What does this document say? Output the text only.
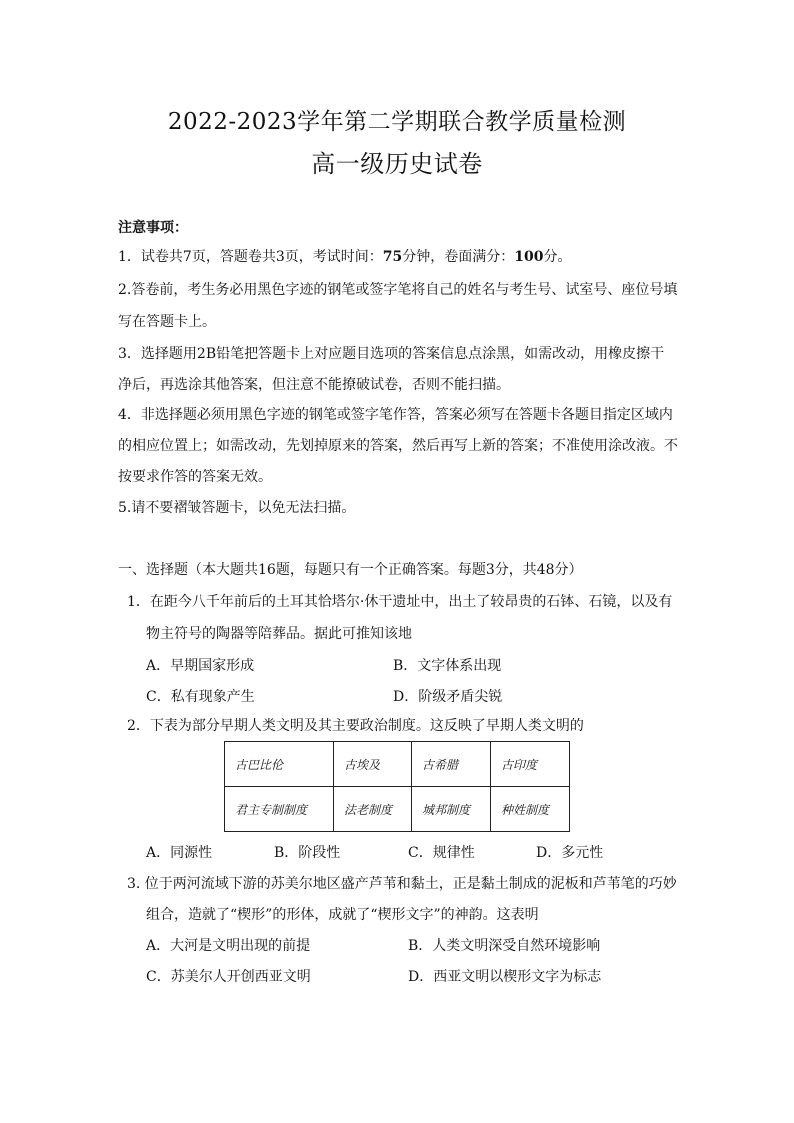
2022-2023学年第二学期联合教学质量检测
高一级历史试卷
注意事项：
1．试卷共7页，答题卷共3页，考试时间：75分钟，卷面满分：100分。
2.答卷前，考生务必用黑色字迹的钢笔或签字笔将自己的姓名与考生号、试室号、座位号填
写在答题卡上。
3．选择题用2B铅笔把答题卡上对应题目选项的答案信息点涂黑，如需改动，用橡皮擦干
净后，再选涂其他答案，但注意不能撩破试卷，否则不能扫描。
4．非选择题必须用黑色字迹的钢笔或签字笔作答，答案必须写在答题卡各题目指定区域内
的相应位置上；如需改动，先划掉原来的答案，然后再写上新的答案；不准使用涂改液。不
按要求作答的答案无效。
5.请不要褶皱答题卡，以免无法扫描。
一、选择题（本大题共16题，每题只有一个正确答案。每题3分，共48分）
1．在距今八千年前后的土耳其恰塔尔·休干遗址中，出土了较昂贵的石钵、石镜，以及有
物主符号的陶器等陪葬品。据此可推知该地
A．早期国家形成	B．文字体系出现
C．私有现象产生	D．阶级矛盾尖锐
2．下表为部分早期人类文明及其主要政治制度。这反映了早期人类文明的
古巴比伦	古埃及	古希腊	古印度
君主专制制度	法老制度	城邦制度	种姓制度
A．同源性	B．阶段性	C．规律性	D．多元性
3. 位于两河流域下游的苏美尔地区盛产芦苇和黏土，正是黏土制成的泥板和芦苇笔的巧妙
组合，造就了“楔形”的形体，成就了“楔形文字”的神韵。这表明
A．大河是文明出现的前提	B．人类文明深受自然环境影响
C．苏美尔人开创西亚文明	D．西亚文明以楔形文字为标志
